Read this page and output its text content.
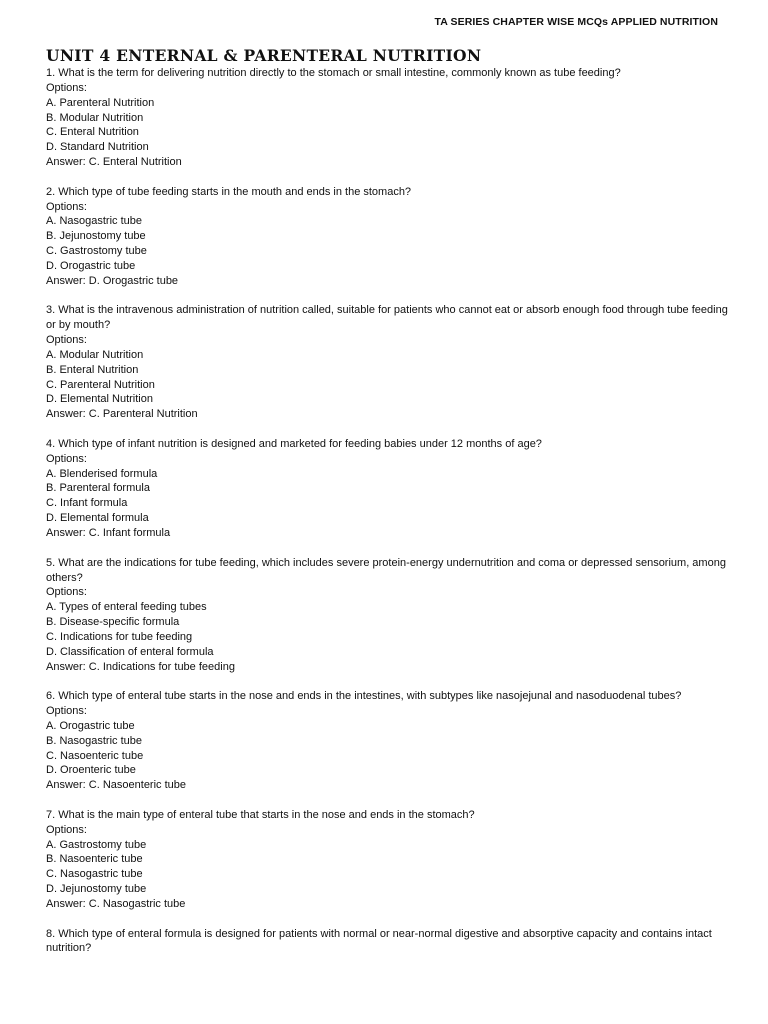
TA SERIES CHAPTER WISE MCQs APPLIED NUTRITION
UNIT 4 ENTERNAL & PARENTERAL NUTRITION
1. What is the term for delivering nutrition directly to the stomach or small intestine, commonly known as tube feeding?
Options:
A. Parenteral Nutrition
B. Modular Nutrition
C. Enteral Nutrition
D. Standard Nutrition
Answer: C. Enteral Nutrition
2. Which type of tube feeding starts in the mouth and ends in the stomach?
Options:
A. Nasogastric tube
B. Jejunostomy tube
C. Gastrostomy tube
D. Orogastric tube
Answer: D. Orogastric tube
3. What is the intravenous administration of nutrition called, suitable for patients who cannot eat or absorb enough food through tube feeding or by mouth?
Options:
A. Modular Nutrition
B. Enteral Nutrition
C. Parenteral Nutrition
D. Elemental Nutrition
Answer: C. Parenteral Nutrition
4. Which type of infant nutrition is designed and marketed for feeding babies under 12 months of age?
Options:
A. Blenderised formula
B. Parenteral formula
C. Infant formula
D. Elemental formula
Answer: C. Infant formula
5. What are the indications for tube feeding, which includes severe protein-energy undernutrition and coma or depressed sensorium, among others?
Options:
A. Types of enteral feeding tubes
B. Disease-specific formula
C. Indications for tube feeding
D. Classification of enteral formula
Answer: C. Indications for tube feeding
6. Which type of enteral tube starts in the nose and ends in the intestines, with subtypes like nasojejunal and nasoduodenal tubes?
Options:
A. Orogastric tube
B. Nasogastric tube
C. Nasoenteric tube
D. Oroenteric tube
Answer: C. Nasoenteric tube
7. What is the main type of enteral tube that starts in the nose and ends in the stomach?
Options:
A. Gastrostomy tube
B. Nasoenteric tube
C. Nasogastric tube
D. Jejunostomy tube
Answer: C. Nasogastric tube
8. Which type of enteral formula is designed for patients with normal or near-normal digestive and absorptive capacity and contains intact nutrition?
